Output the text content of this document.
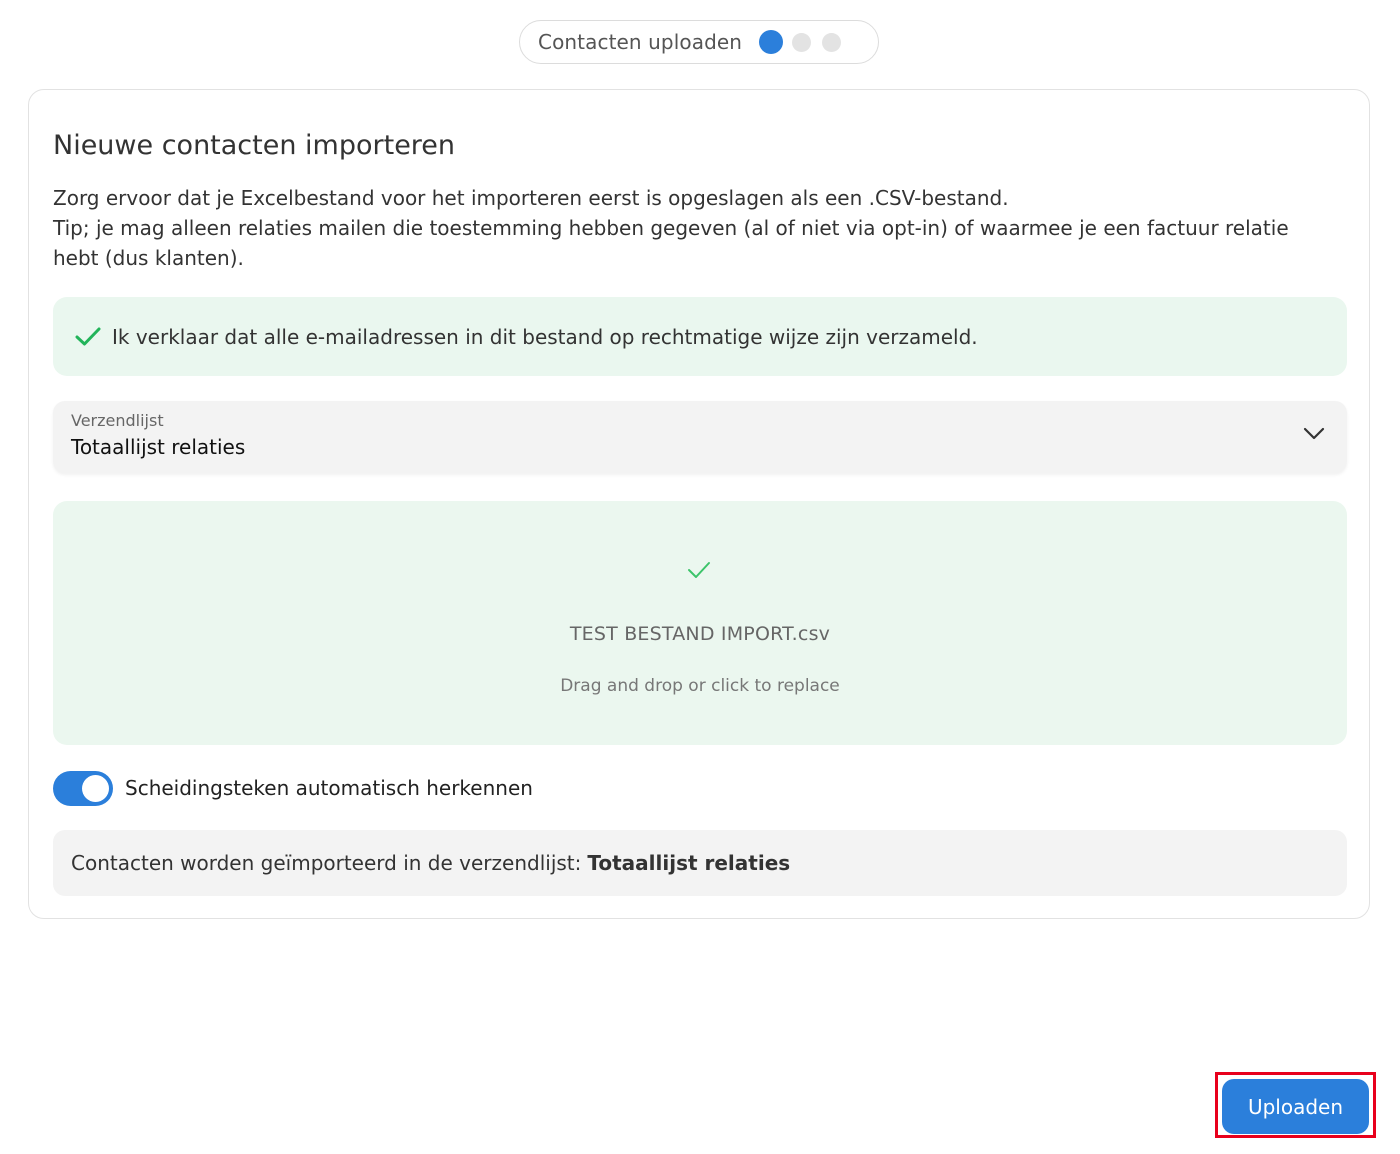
Contacten uploaden
Nieuwe contacten importeren
Zorg ervoor dat je Excelbestand voor het importeren eerst is opgeslagen als een .CSV-bestand.
Tip; je mag alleen relaties mailen die toestemming hebben gegeven (al of niet via opt-in) of waarmee je een factuur relatie hebt (dus klanten).
Ik verklaar dat alle e-mailadressen in dit bestand op rechtmatige wijze zijn verzameld.
Verzendlijst
Totaallijst relaties
TEST BESTAND IMPORT.csv
Drag and drop or click to replace
Scheidingsteken automatisch herkennen
Contacten worden geïmporteerd in de verzendlijst: Totaallijst relaties
Uploaden
